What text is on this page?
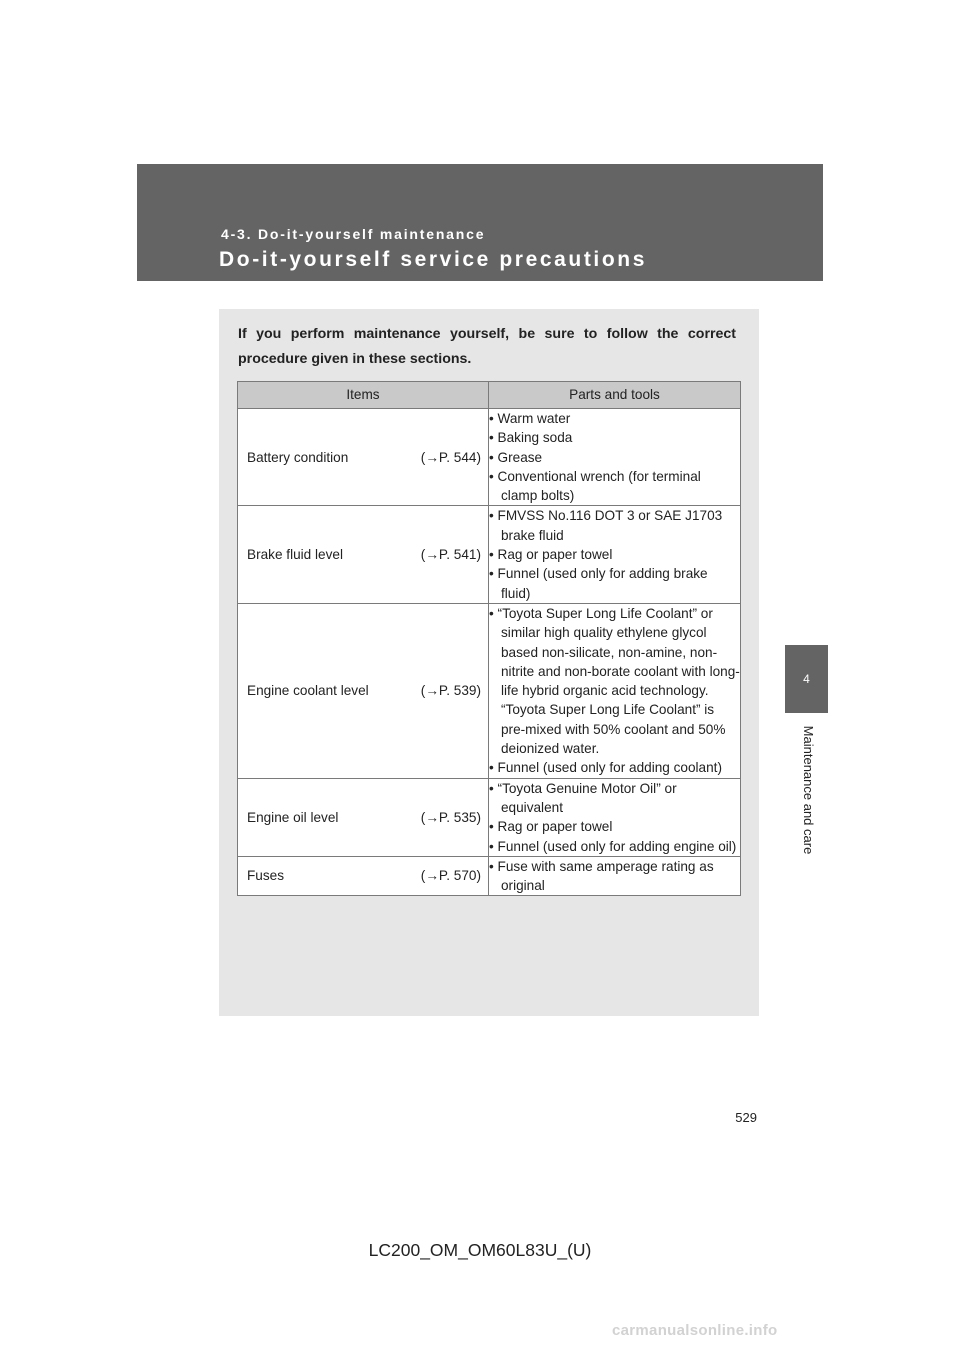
4-3. Do-it-yourself maintenance
Do-it-yourself service precautions
4
Maintenance and care
If you perform maintenance yourself, be sure to follow the correct procedure given in these sections.
Items	Parts and tools

Battery condition (→P. 544)	• Warm water
• Baking soda
• Grease
• Conventional wrench (for terminal clamp bolts)

Brake fluid level (→P. 541)	• FMVSS No.116 DOT 3 or SAE J1703 brake fluid
• Rag or paper towel
• Funnel (used only for adding brake fluid)

Engine coolant level (→P. 539)	• “Toyota Super Long Life Coolant” or similar high quality ethylene glycol based non-silicate, non-amine, non-nitrite and non-borate coolant with long-life hybrid organic acid technology. “Toyota Super Long Life Coolant” is pre-mixed with 50% coolant and 50% deionized water.
• Funnel (used only for adding coolant)

Engine oil level (→P. 535)	• “Toyota Genuine Motor Oil” or equivalent
• Rag or paper towel
• Funnel (used only for adding engine oil)

Fuses (→P. 570)	• Fuse with same amperage rating as original
529
LC200_OM_OM60L83U_(U)
carmanualsonline.info
